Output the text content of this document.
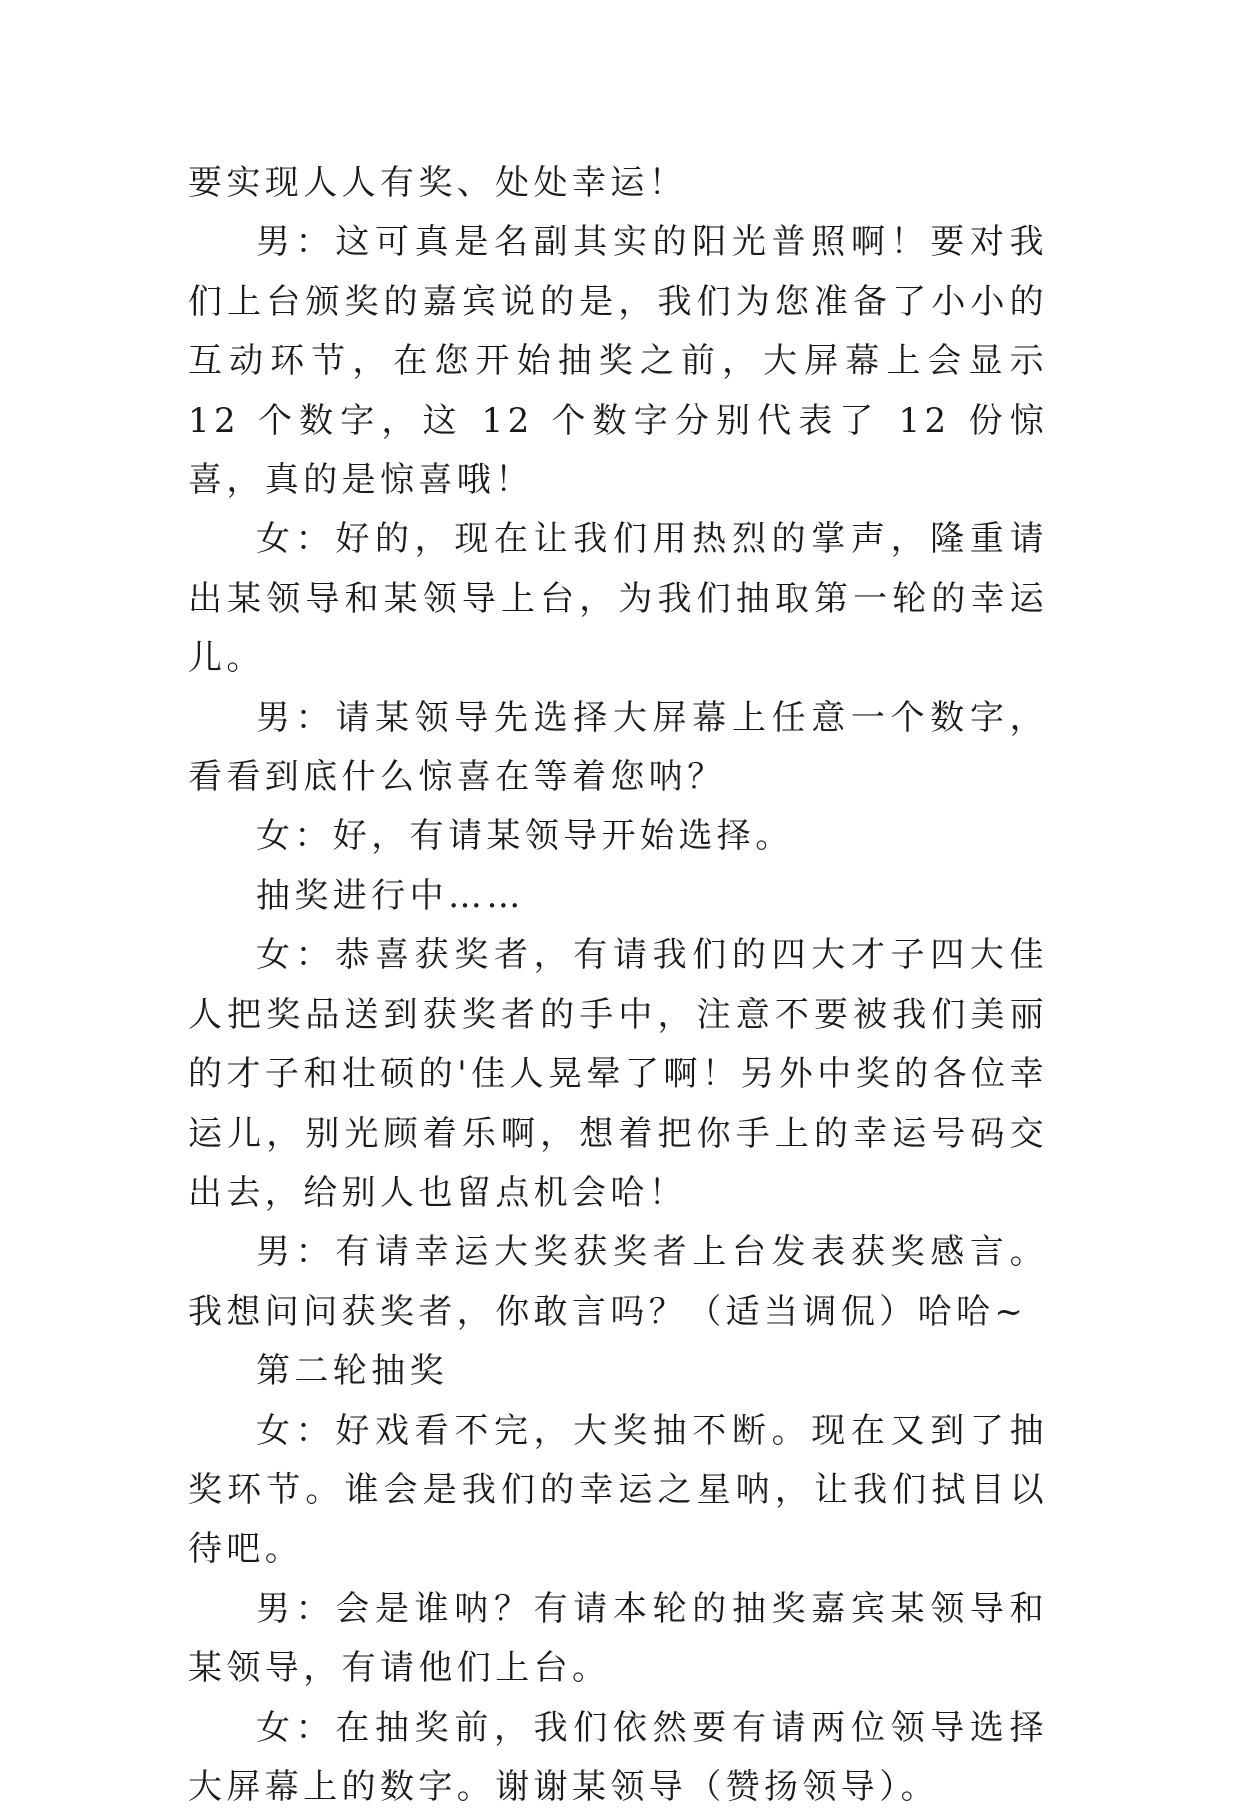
要实现人人有奖、处处幸运！

男：这可真是名副其实的阳光普照啊！要对我们上台颁奖的嘉宾说的是，我们为您准备了小小的互动环节，在您开始抽奖之前，大屏幕上会显示 12 个数字，这 12 个数字分别代表了 12 份惊喜，真的是惊喜哦！

女：好的，现在让我们用热烈的掌声，隆重请出某领导和某领导上台，为我们抽取第一轮的幸运儿。

男：请某领导先选择大屏幕上任意一个数字，看看到底什么惊喜在等着您呐？

女：好，有请某领导开始选择。

抽奖进行中……

女：恭喜获奖者，有请我们的四大才子四大佳人把奖品送到获奖者的手中，注意不要被我们美丽的才子和壮硕的'佳人晃晕了啊！另外中奖的各位幸运儿，别光顾着乐啊，想着把你手上的幸运号码交出去，给别人也留点机会哈！

男：有请幸运大奖获奖者上台发表获奖感言。我想问问获奖者，你敢言吗？（适当调侃）哈哈~

第二轮抽奖

女：好戏看不完，大奖抽不断。现在又到了抽奖环节。谁会是我们的幸运之星呐，让我们拭目以待吧。

男：会是谁呐？有请本轮的抽奖嘉宾某领导和某领导，有请他们上台。

女：在抽奖前，我们依然要有请两位领导选择大屏幕上的数字。谢谢某领导（赞扬领导）。
